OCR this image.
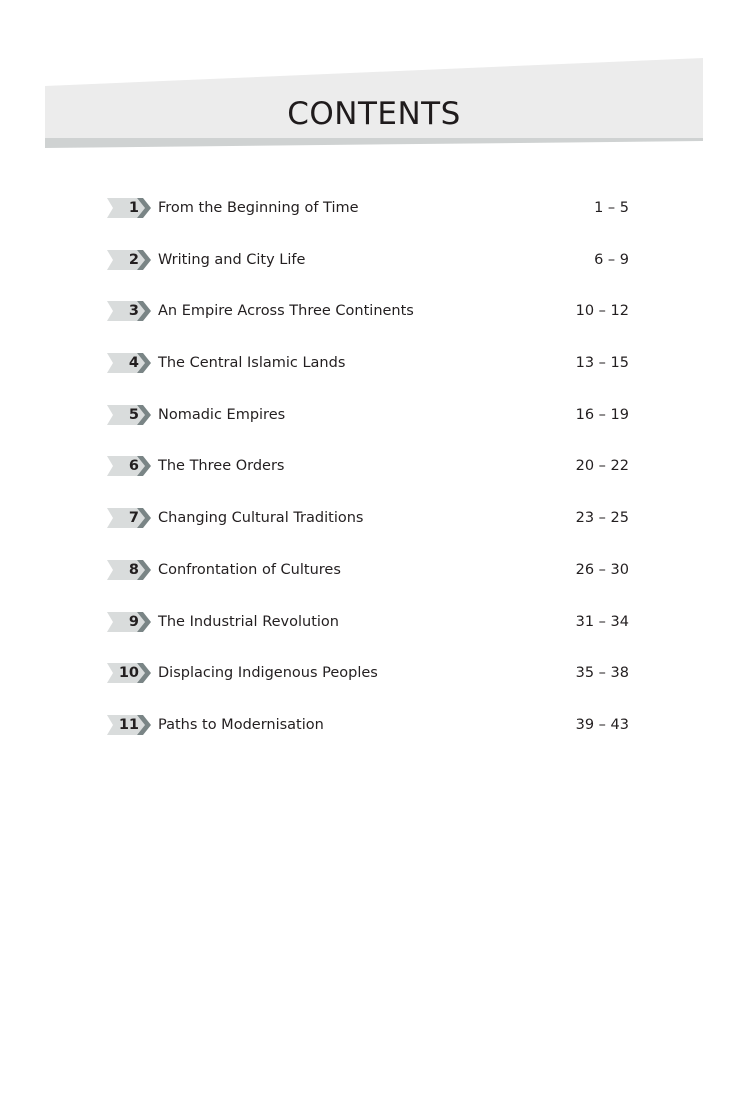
CONTENTS
1 From the Beginning of Time	1 – 5
2 Writing and City Life	6 – 9
3 An Empire Across Three Continents	10 – 12
4 The Central Islamic Lands	13 – 15
5 Nomadic Empires	16 – 19
6 The Three Orders	20 – 22
7 Changing Cultural Traditions	23 – 25
8 Confrontation of Cultures	26 – 30
9 The Industrial Revolution	31 – 34
10 Displacing Indigenous Peoples	35 – 38
11 Paths to Modernisation	39 – 43
